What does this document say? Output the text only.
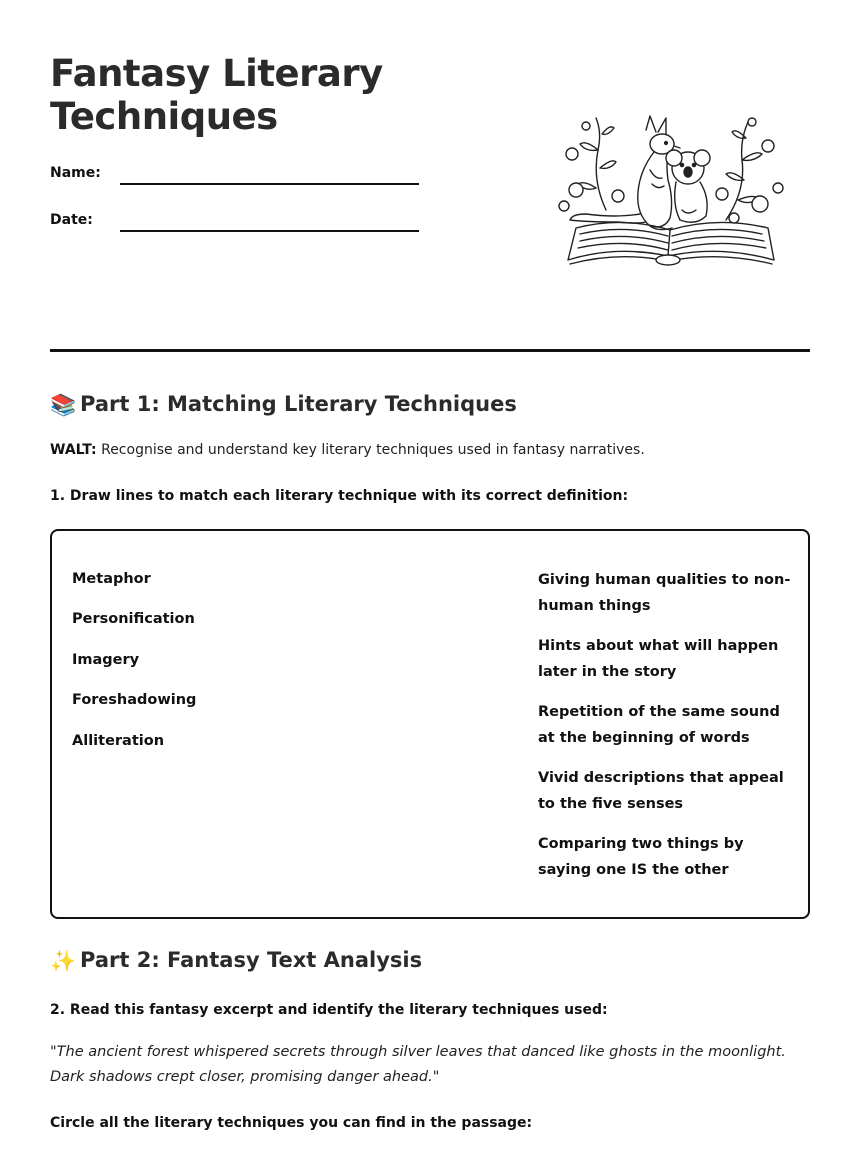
Fantasy Literary Techniques
Name:
Date:
📚 Part 1: Matching Literary Techniques

WALT: Recognise and understand key literary techniques used in fantasy narratives.

1. Draw lines to match each literary technique with its correct definition:

Metaphor
Personification
Imagery
Foreshadowing
Alliteration
Giving human qualities to non-human things
Hints about what will happen later in the story
Repetition of the same sound at the beginning of words
Vivid descriptions that appeal to the five senses
Comparing two things by saying one IS the other
✨ Part 2: Fantasy Text Analysis

2. Read this fantasy excerpt and identify the literary techniques used:

"The ancient forest whispered secrets through silver leaves that danced like ghosts in the moonlight. Dark shadows crept closer, promising danger ahead."

Circle all the literary techniques you can find in the passage:
